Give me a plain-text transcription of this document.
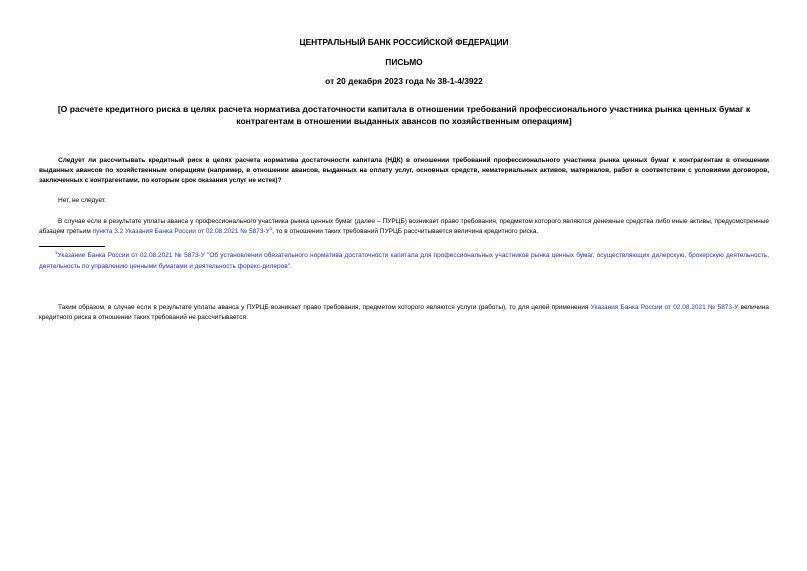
ЦЕНТРАЛЬНЫЙ БАНК РОССИЙСКОЙ ФЕДЕРАЦИИ
ПИСЬМО
от 20 декабря 2023 года № 38-1-4/3922
[О расчете кредитного риска в целях расчета норматива достаточности капитала в отношении требований профессионального участника рынка ценных бумаг к контрагентам в отношении выданных авансов по хозяйственным операциям]
Следует ли рассчитывать кредитный риск в целях расчета норматива достаточности капитала (НДК) в отношении требований профессионального участника рынка ценных бумаг к контрагентам в отношении выданных авансов по хозяйственным операциям (например, в отношении авансов, выданных на оплату услуг, основных средств, нематериальных активов, материалов, работ в соответствии с условиями договоров, заключенных с контрагентами, по которым срок оказания услуг не истек)?
Нет, не следует.
В случае если в результате уплаты аванса у профессионального участника рынка ценных бумаг (далее – ПУРЦБ) возникает право требования, предметом которого являются денежные средства либо иные активы, предусмотренные абзацем третьим пункта 3.2 Указания Банка России от 02.08.2021 № $5873-У^1$, то в отношении таких требований ПУРЦБ рассчитывается величина кредитного риска.
$^1$Указание Банка России от 02.08.2021 № 5873-У "Об установлении обязательного норматива достаточности капитала для профессиональных участников рынка ценных бумаг, осуществляющих дилерскую, брокерскую деятельность, деятельность по управлению ценными бумагами и деятельность форекс-дилеров".
Таким образом, в случае если в результате уплаты аванса у ПУРЦБ возникает право требования, предметом которого являются услуги (работы), то для целей применения Указания Банка России от 02.08.2021 № 5873-У величина кредитного риска в отношении таких требований не рассчитывается.
